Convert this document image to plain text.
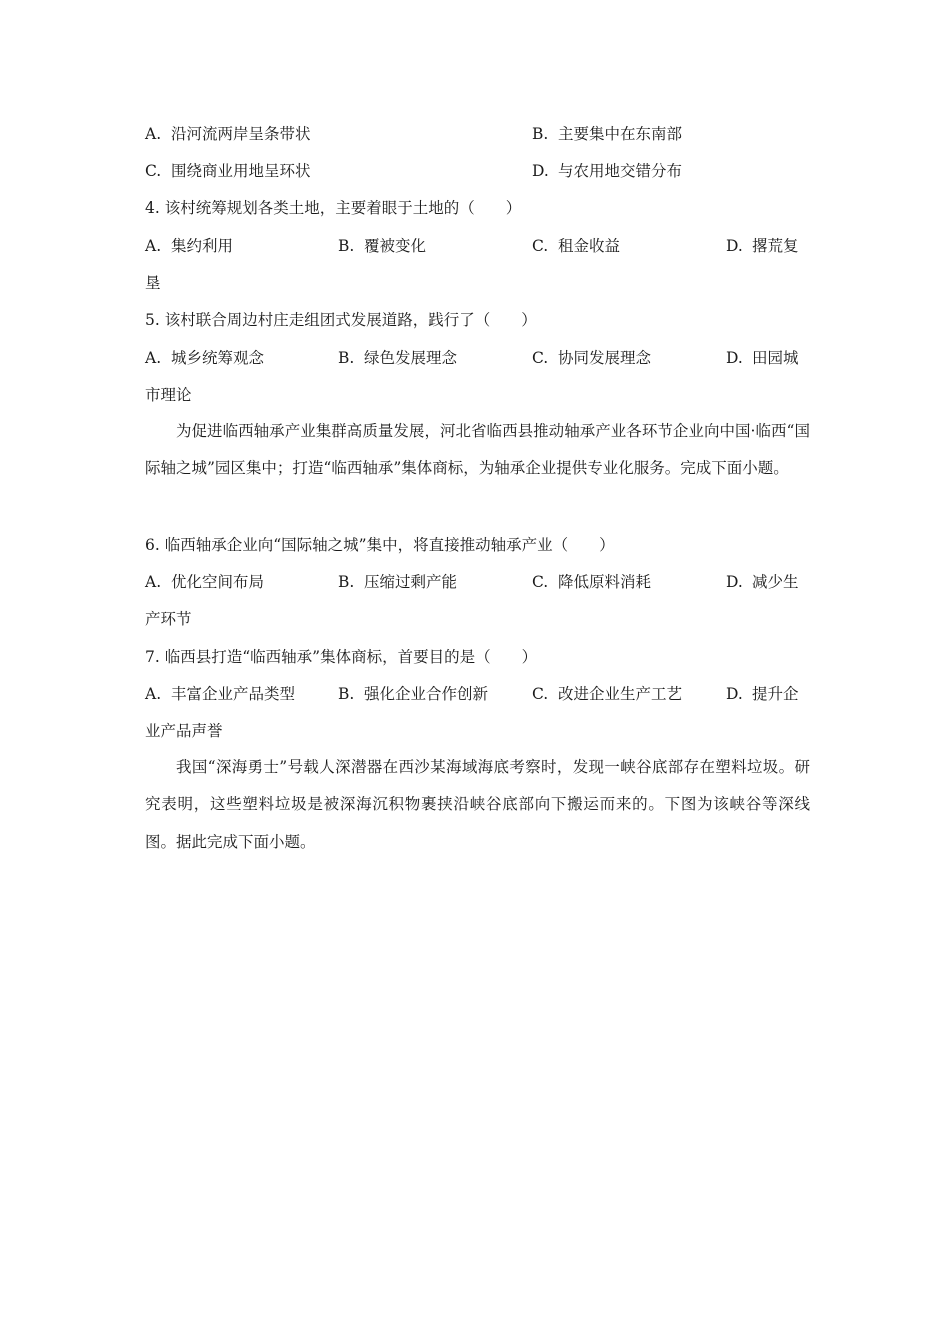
A. 沿河流两岸呈条带状	B. 主要集中在东南部
C. 围绕商业用地呈环状	D. 与农用地交错分布
4. 该村统筹规划各类土地，主要着眼于土地的（　　）
A. 集约利用	B. 覆被变化	C. 租金收益	D. 撂荒复
垦
5. 该村联合周边村庄走组团式发展道路，践行了（　　）
A. 城乡统筹观念	B. 绿色发展理念	C. 协同发展理念	D. 田园城
市理论

为促进临西轴承产业集群高质量发展，河北省临西县推动轴承产业各环节企业向中国·临西“国际轴之城”园区集中；打造“临西轴承”集体商标，为轴承企业提供专业化服务。完成下面小题。

6. 临西轴承企业向“国际轴之城”集中，将直接推动轴承产业（　　）
A. 优化空间布局	B. 压缩过剩产能	C. 降低原料消耗	D. 减少生
产环节
7. 临西县打造“临西轴承”集体商标，首要目的是（　　）
A. 丰富企业产品类型	B. 强化企业合作创新	C. 改进企业生产工艺	D. 提升企
业产品声誉

我国“深海勇士”号载人深潜器在西沙某海域海底考察时，发现一峡谷底部存在塑料垃圾。研究表明，这些塑料垃圾是被深海沉积物裹挟沿峡谷底部向下搬运而来的。下图为该峡谷等深线图。据此完成下面小题。
